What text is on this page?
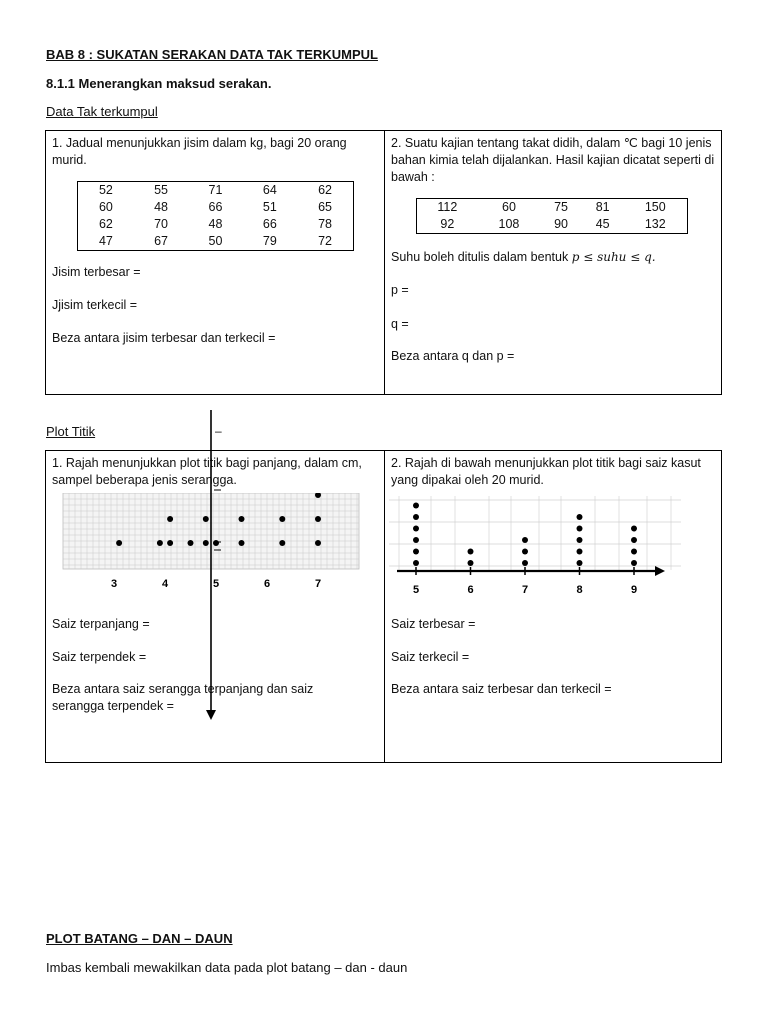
BAB 8 : SUKATAN SERAKAN DATA TAK TERKUMPUL
8.1.1 Menerangkan maksud serakan.
Data Tak terkumpul

1. Jadual menunjukkan jisim dalam kg, bagi 20 orang murid.

52	55	71	64	62
60	48	66	51	65
62	70	48	66	78
47	67	50	79	72
Jisim terbesar =
Jjisim terkecil =
Beza antara jisim terbesar dan terkecil =

2. Suatu kajian tentang takat didih, dalam ℃ bagi 10 jenis bahan kimia telah dijalankan. Hasil kajian dicatat seperti di bawah :

112	60	75	81	150
92	108	90	45	132
Suhu boleh ditulis dalam bentuk p ≤ suhu ≤ q.
p =
q =
Beza antara q dan p =
Plot Titik	–

1. Rajah menunjukkan plot titik bagi panjang, dalam cm, sampel beberapa jenis serangga.

3	4	5	6	7
Saiz terpanjang =
Saiz terpendek =
Beza antara saiz serangga terpanjang dan saiz serangga terpendek =

2. Rajah di bawah menunjukkan plot titik bagi saiz kasut yang dipakai oleh 20 murid.

5	6	7	8	9
Saiz terbesar =
Saiz terkecil =
Beza antara saiz terbesar dan terkecil =
PLOT BATANG – DAN – DAUN
Imbas kembali mewakilkan data pada plot batang – dan - daun
